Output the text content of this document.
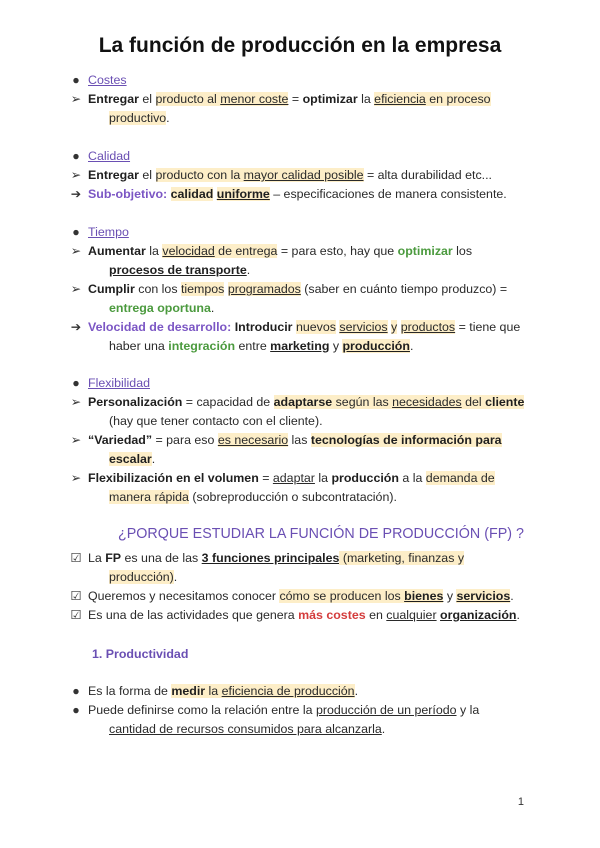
La función de producción en la empresa
● Costes
➢ Entregar el producto al menor coste = optimizar la eficiencia en proceso
productivo.
● Calidad
➢ Entregar el producto con la mayor calidad posible = alta durabilidad etc...
➔ Sub-objetivo: calidad uniforme – especificaciones de manera consistente.
● Tiempo
➢ Aumentar la velocidad de entrega = para esto, hay que optimizar los
procesos de transporte.
➢ Cumplir con los tiempos programados (saber en cuánto tiempo produzco) =
entrega oportuna.
➔ Velocidad de desarrollo: Introducir nuevos servicios y productos = tiene que
haber una integración entre marketing y producción.
● Flexibilidad
➢ Personalización = capacidad de adaptarse según las necesidades del cliente
(hay que tener contacto con el cliente).
➢ “Variedad” = para eso es necesario las tecnologías de información para
escalar.
➢ Flexibilización en el volumen = adaptar la producción a la demanda de
manera rápida (sobreproducción o subcontratación).
¿PORQUE ESTUDIAR LA FUNCIÓN DE PRODUCCIÓN (FP) ?
☑ La FP es una de las 3 funciones principales (marketing, finanzas y
producción).
☑ Queremos y necesitamos conocer cómo se producen los bienes y servicios.
☑ Es una de las actividades que genera más costes en cualquier organización.
1. Productividad
● Es la forma de medir la eficiencia de producción.
● Puede definirse como la relación entre la producción de un período y la
cantidad de recursos consumidos para alcanzarla.
1
